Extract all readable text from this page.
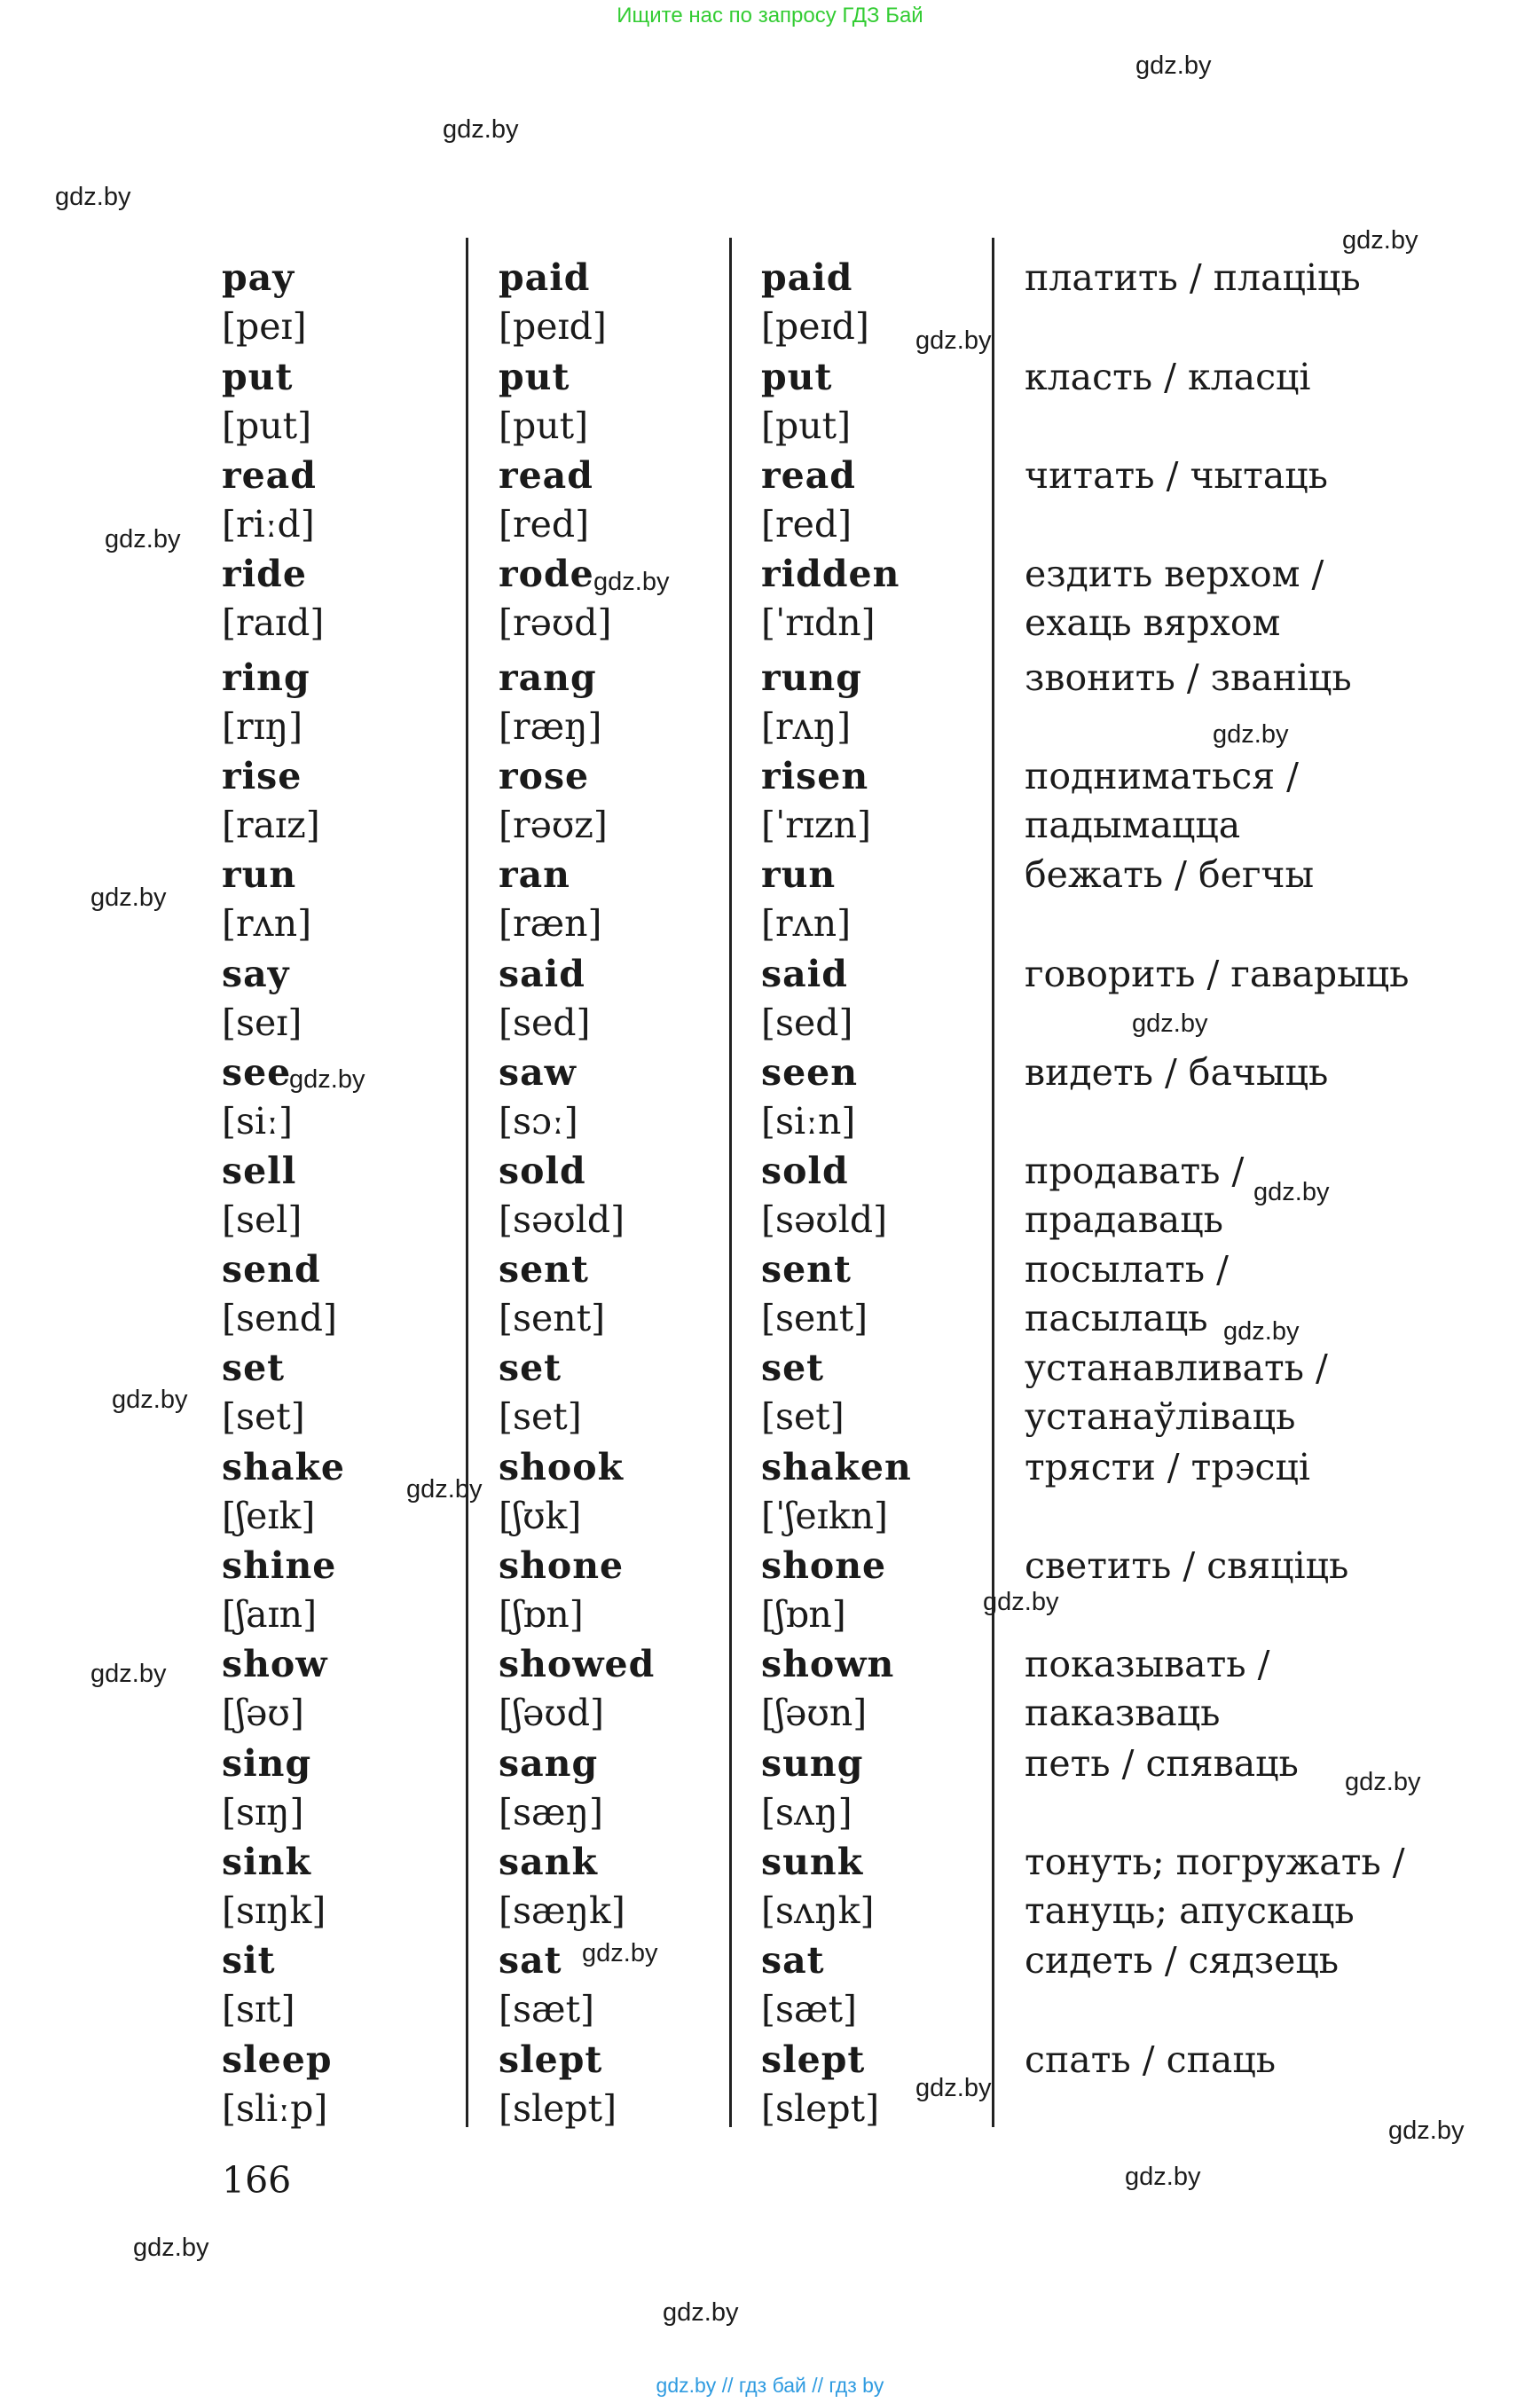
Ищите нас по запросу ГДЗ Бай
pay
[peɪ]
paid
[peɪd]
paid
[peɪd]
платить / плаціць
put
[put]
put
[put]
put
[put]
класть / класці
read
[riːd]
read
[red]
read
[red]
читать / чытаць
ride
[raɪd]
rode
[rəʊd]
ridden
[ˈrɪdn]
ездить верхом /
ехаць вярхом
ring
[rɪŋ]
rang
[ræŋ]
rung
[rʌŋ]
звонить / званіць
rise
[raɪz]
rose
[rəʊz]
risen
[ˈrɪzn]
подниматься /
падымацца
run
[rʌn]
ran
[ræn]
run
[rʌn]
бежать / бегчы
say
[seɪ]
said
[sed]
said
[sed]
говорить / гаварыць
see
[siː]
saw
[sɔː]
seen
[siːn]
видеть / бачыць
sell
[sel]
sold
[səʊld]
sold
[səʊld]
продавать /
прадаваць
send
[send]
sent
[sent]
sent
[sent]
посылать /
пасылаць
set
[set]
set
[set]
set
[set]
устанавливать /
устанаўліваць
shake
[ʃeɪk]
shook
[ʃʊk]
shaken
[ˈʃeɪkn]
трясти / трэсці
shine
[ʃaɪn]
shone
[ʃɒn]
shone
[ʃɒn]
светить / свяціць
show
[ʃəʊ]
showed
[ʃəʊd]
shown
[ʃəʊn]
показывать /
паказваць
sing
[sɪŋ]
sang
[sæŋ]
sung
[sʌŋ]
петь / спяваць
sink
[sɪŋk]
sank
[sæŋk]
sunk
[sʌŋk]
тонуть; погружать /
тануць; апускаць
sit
[sɪt]
sat
[sæt]
sat
[sæt]
сидеть / сядзець
sleep
[sliːp]
slept
[slept]
slept
[slept]
спать / спаць
166
gdz.by
gdz.by
gdz.by
gdz.by
gdz.by
gdz.by
gdz.by
gdz.by
gdz.by
gdz.by
gdz.by
gdz.by
gdz.by
gdz.by
gdz.by
gdz.by
gdz.by
gdz.by
gdz.by
gdz.by
gdz.by
gdz.by
gdz.by
gdz.by
gdz.by // гдз бай // гдз by
